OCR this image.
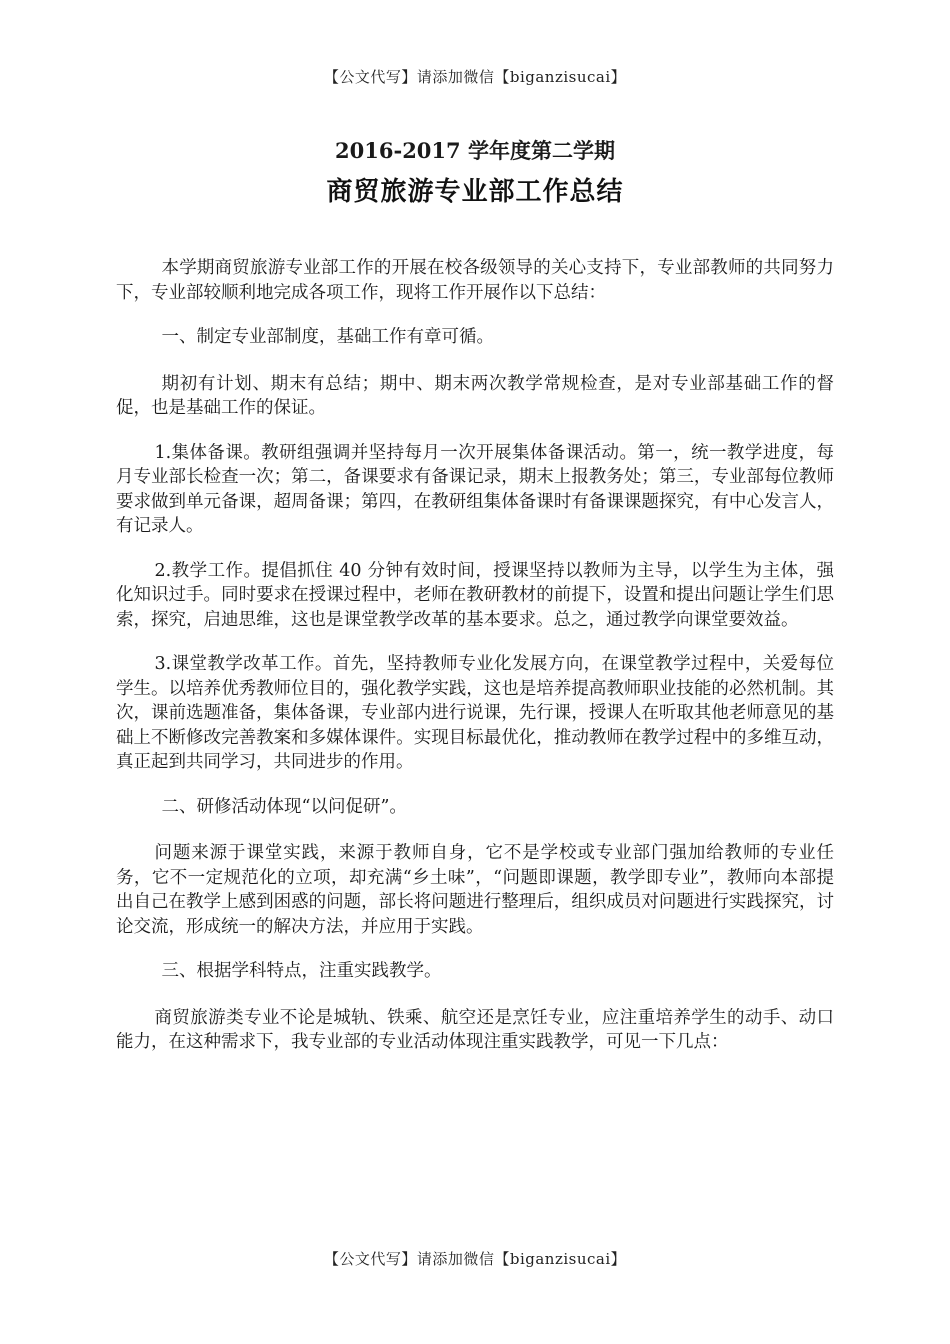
【公文代写】请添加微信【biganzisucai】
2016-2017 学年度第二学期
商贸旅游专业部工作总结

本学期商贸旅游专业部工作的开展在校各级领导的关心支持下，专业部教师的共同努力下，专业部较顺利地完成各项工作，现将工作开展作以下总结：

一、制定专业部制度，基础工作有章可循。

期初有计划、期末有总结；期中、期末两次教学常规检查，是对专业部基础工作的督促，也是基础工作的保证。

1.集体备课。教研组强调并坚持每月一次开展集体备课活动。第一，统一教学进度，每月专业部长检查一次；第二，备课要求有备课记录，期末上报教务处；第三，专业部每位教师要求做到单元备课，超周备课；第四，在教研组集体备课时有备课课题探究，有中心发言人，有记录人。

2.教学工作。提倡抓住 40 分钟有效时间，授课坚持以教师为主导，以学生为主体，强化知识过手。同时要求在授课过程中，老师在教研教材的前提下，设置和提出问题让学生们思索，探究，启迪思维，这也是课堂教学改革的基本要求。总之，通过教学向课堂要效益。

3.课堂教学改革工作。首先，坚持教师专业化发展方向，在课堂教学过程中，关爱每位学生。以培养优秀教师位目的，强化教学实践，这也是培养提高教师职业技能的必然机制。其次，课前选题准备，集体备课，专业部内进行说课，先行课，授课人在听取其他老师意见的基础上不断修改完善教案和多媒体课件。实现目标最优化，推动教师在教学过程中的多维互动，真正起到共同学习，共同进步的作用。

二、研修活动体现“以问促研”。

问题来源于课堂实践，来源于教师自身，它不是学校或专业部门强加给教师的专业任务，它不一定规范化的立项，却充满“乡土味”，“问题即课题，教学即专业”，教师向本部提出自己在教学上感到困惑的问题，部长将问题进行整理后，组织成员对问题进行实践探究，讨论交流，形成统一的解决方法，并应用于实践。

三、根据学科特点，注重实践教学。

商贸旅游类专业不论是城轨、铁乘、航空还是烹饪专业，应注重培养学生的动手、动口能力，在这种需求下，我专业部的专业活动体现注重实践教学，可见一下几点：

【公文代写】请添加微信【biganzisucai】
